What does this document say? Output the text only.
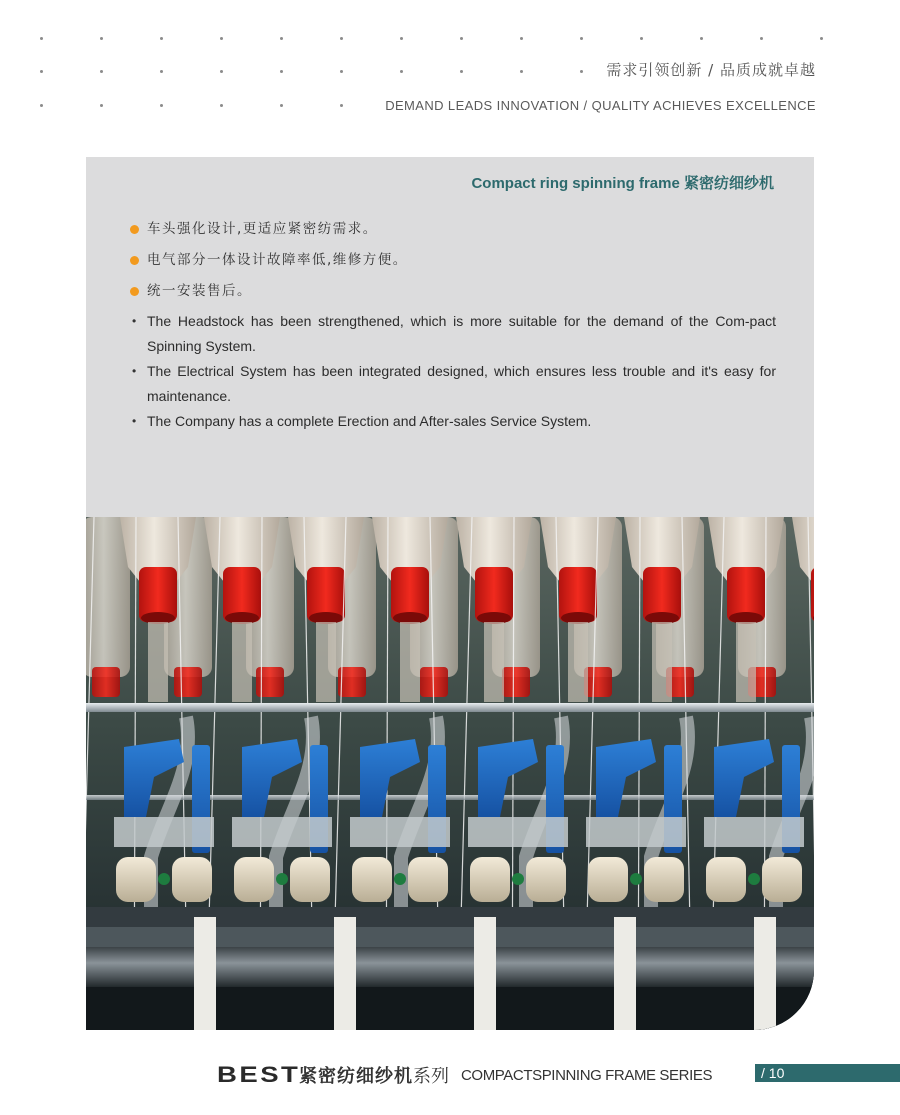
需求引领创新 / 品质成就卓越
DEMAND LEADS INNOVATION / QUALITY ACHIEVES EXCELLENCE
Compact ring spinning frame 紧密纺细纱机
车头强化设计,更适应紧密纺需求。
电气部分一体设计故障率低,维修方便。
统一安装售后。
• The Headstock has been strengthened, which is more suitable for the demand of the Com-pact Spinning System.
• The Electrical System has been integrated designed, which ensures less trouble and it's easy for maintenance.
• The Company has a complete Erection and After-sales Service System.
BEST
紧密纺细纱机 系列 COMPACTSPINNING FRAME SERIES	/ 10
